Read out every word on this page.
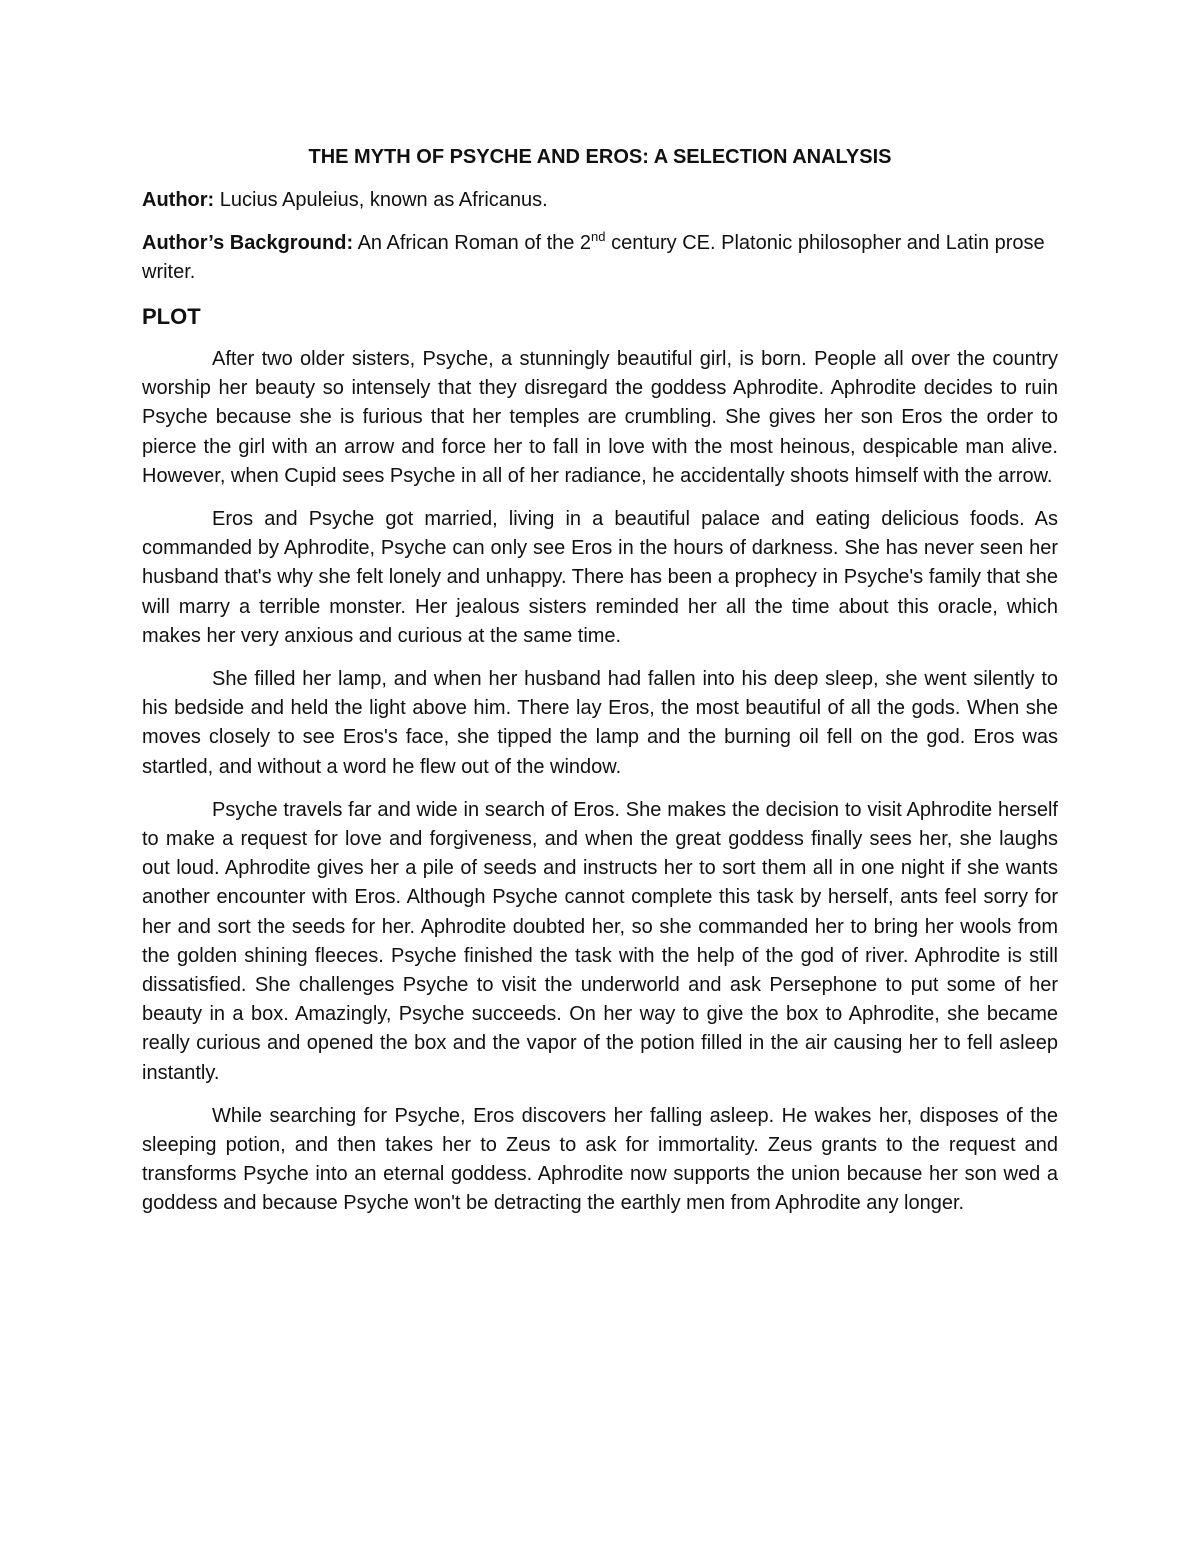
THE MYTH OF PSYCHE AND EROS: A SELECTION ANALYSIS
Author: Lucius Apuleius, known as Africanus.
Author’s Background: An African Roman of the 2nd century CE. Platonic philosopher and Latin prose writer.
PLOT

After two older sisters, Psyche, a stunningly beautiful girl, is born. People all over the country worship her beauty so intensely that they disregard the goddess Aphrodite. Aphrodite decides to ruin Psyche because she is furious that her temples are crumbling. She gives her son Eros the order to pierce the girl with an arrow and force her to fall in love with the most heinous, despicable man alive. However, when Cupid sees Psyche in all of her radiance, he accidentally shoots himself with the arrow.

Eros and Psyche got married, living in a beautiful palace and eating delicious foods. As commanded by Aphrodite, Psyche can only see Eros in the hours of darkness. She has never seen her husband that's why she felt lonely and unhappy. There has been a prophecy in Psyche's family that she will marry a terrible monster. Her jealous sisters reminded her all the time about this oracle, which makes her very anxious and curious at the same time.

She filled her lamp, and when her husband had fallen into his deep sleep, she went silently to his bedside and held the light above him. There lay Eros, the most beautiful of all the gods. When she moves closely to see Eros's face, she tipped the lamp and the burning oil fell on the god. Eros was startled, and without a word he flew out of the window.

Psyche travels far and wide in search of Eros. She makes the decision to visit Aphrodite herself to make a request for love and forgiveness, and when the great goddess finally sees her, she laughs out loud. Aphrodite gives her a pile of seeds and instructs her to sort them all in one night if she wants another encounter with Eros. Although Psyche cannot complete this task by herself, ants feel sorry for her and sort the seeds for her. Aphrodite doubted her, so she commanded her to bring her wools from the golden shining fleeces. Psyche finished the task with the help of the god of river. Aphrodite is still dissatisfied. She challenges Psyche to visit the underworld and ask Persephone to put some of her beauty in a box. Amazingly, Psyche succeeds. On her way to give the box to Aphrodite, she became really curious and opened the box and the vapor of the potion filled in the air causing her to fell asleep instantly.

While searching for Psyche, Eros discovers her falling asleep. He wakes her, disposes of the sleeping potion, and then takes her to Zeus to ask for immortality. Zeus grants to the request and transforms Psyche into an eternal goddess. Aphrodite now supports the union because her son wed a goddess and because Psyche won't be detracting the earthly men from Aphrodite any longer.
